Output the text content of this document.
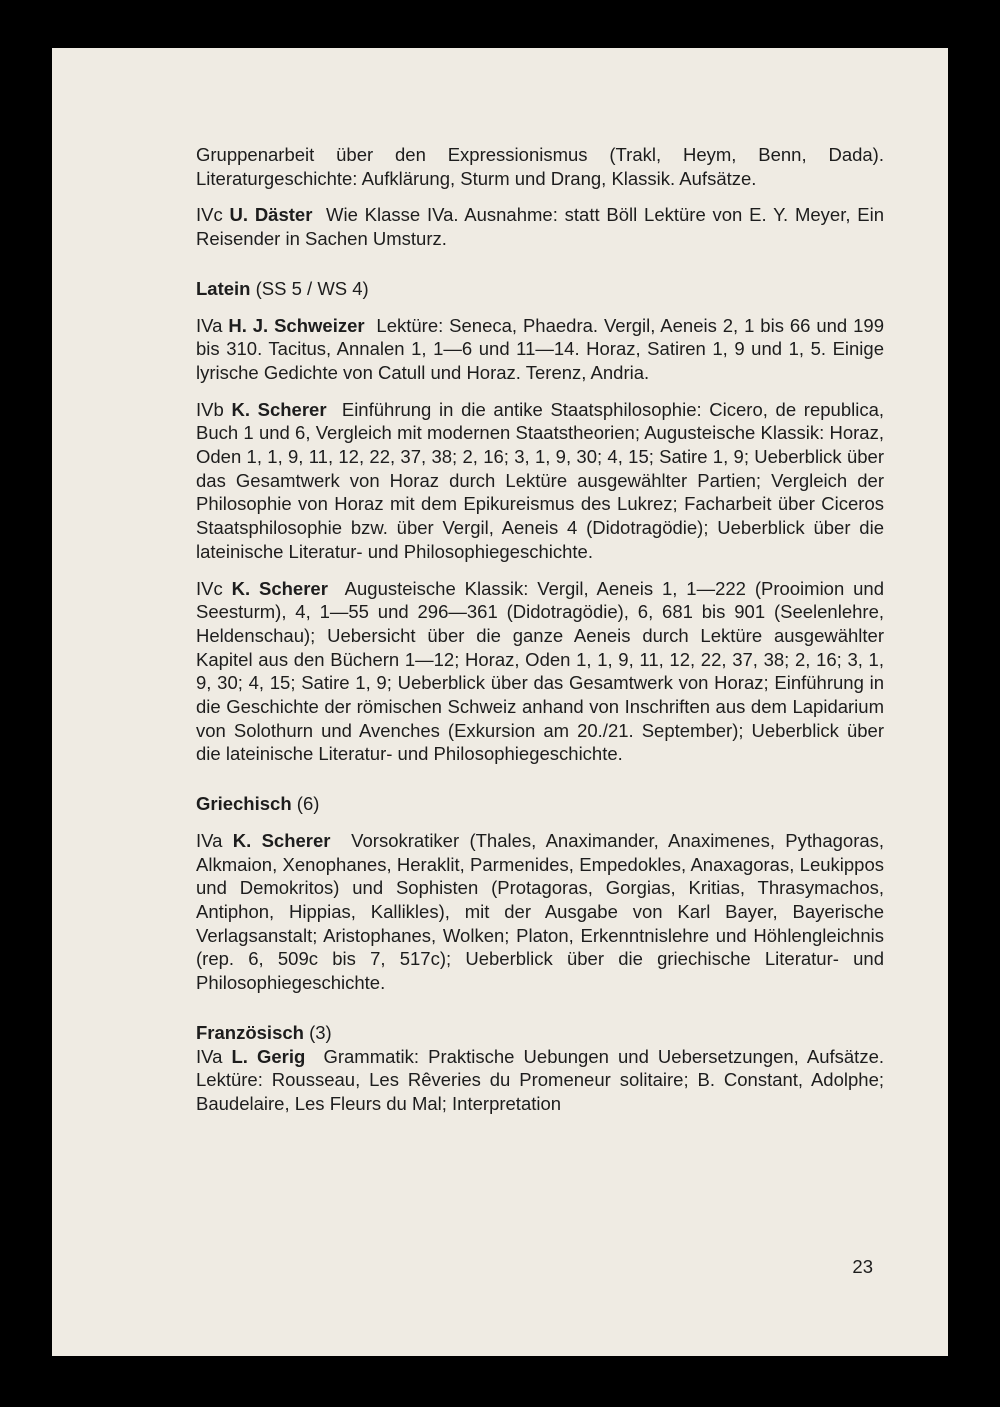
Gruppenarbeit über den Expressionismus (Trakl, Heym, Benn, Dada). Literaturgeschichte: Aufklärung, Sturm und Drang, Klassik. Aufsätze.

IVc U. Däster Wie Klasse IVa. Ausnahme: statt Böll Lektüre von E. Y. Meyer, Ein Reisender in Sachen Umsturz.

Latein (SS 5 / WS 4)

IVa H. J. Schweizer Lektüre: Seneca, Phaedra. Vergil, Aeneis 2, 1 bis 66 und 199 bis 310. Tacitus, Annalen 1, 1—6 und 11—14. Horaz, Satiren 1, 9 und 1, 5. Einige lyrische Gedichte von Catull und Horaz. Terenz, Andria.

IVb K. Scherer Einführung in die antike Staatsphilosophie: Cicero, de republica, Buch 1 und 6, Vergleich mit modernen Staatstheorien; Augusteische Klassik: Horaz, Oden 1, 1, 9, 11, 12, 22, 37, 38; 2, 16; 3, 1, 9, 30; 4, 15; Satire 1, 9; Ueberblick über das Gesamtwerk von Horaz durch Lektüre ausgewählter Partien; Vergleich der Philosophie von Horaz mit dem Epikureismus des Lukrez; Facharbeit über Ciceros Staatsphilosophie bzw. über Vergil, Aeneis 4 (Didotragödie); Ueberblick über die lateinische Literatur- und Philosophiegeschichte.

IVc K. Scherer Augusteische Klassik: Vergil, Aeneis 1, 1—222 (Prooimion und Seesturm), 4, 1—55 und 296—361 (Didotragödie), 6, 681 bis 901 (Seelenlehre, Heldenschau); Uebersicht über die ganze Aeneis durch Lektüre ausgewählter Kapitel aus den Büchern 1—12; Horaz, Oden 1, 1, 9, 11, 12, 22, 37, 38; 2, 16; 3, 1, 9, 30; 4, 15; Satire 1, 9; Ueberblick über das Gesamtwerk von Horaz; Einführung in die Geschichte der römischen Schweiz anhand von Inschriften aus dem Lapidarium von Solothurn und Avenches (Exkursion am 20./21. September); Ueberblick über die lateinische Literatur- und Philosophiegeschichte.

Griechisch (6)

IVa K. Scherer Vorsokratiker (Thales, Anaximander, Anaximenes, Pythagoras, Alkmaion, Xenophanes, Heraklit, Parmenides, Empedokles, Anaxagoras, Leukippos und Demokritos) und Sophisten (Protagoras, Gorgias, Kritias, Thrasymachos, Antiphon, Hippias, Kallikles), mit der Ausgabe von Karl Bayer, Bayerische Verlagsanstalt; Aristophanes, Wolken; Platon, Erkenntnislehre und Höhlengleichnis (rep. 6, 509c bis 7, 517c); Ueberblick über die griechische Literatur- und Philosophiegeschichte.

Französisch (3)

IVa L. Gerig Grammatik: Praktische Uebungen und Uebersetzungen, Aufsätze. Lektüre: Rousseau, Les Rêveries du Promeneur solitaire; B. Constant, Adolphe; Baudelaire, Les Fleurs du Mal; Interpretation

23
